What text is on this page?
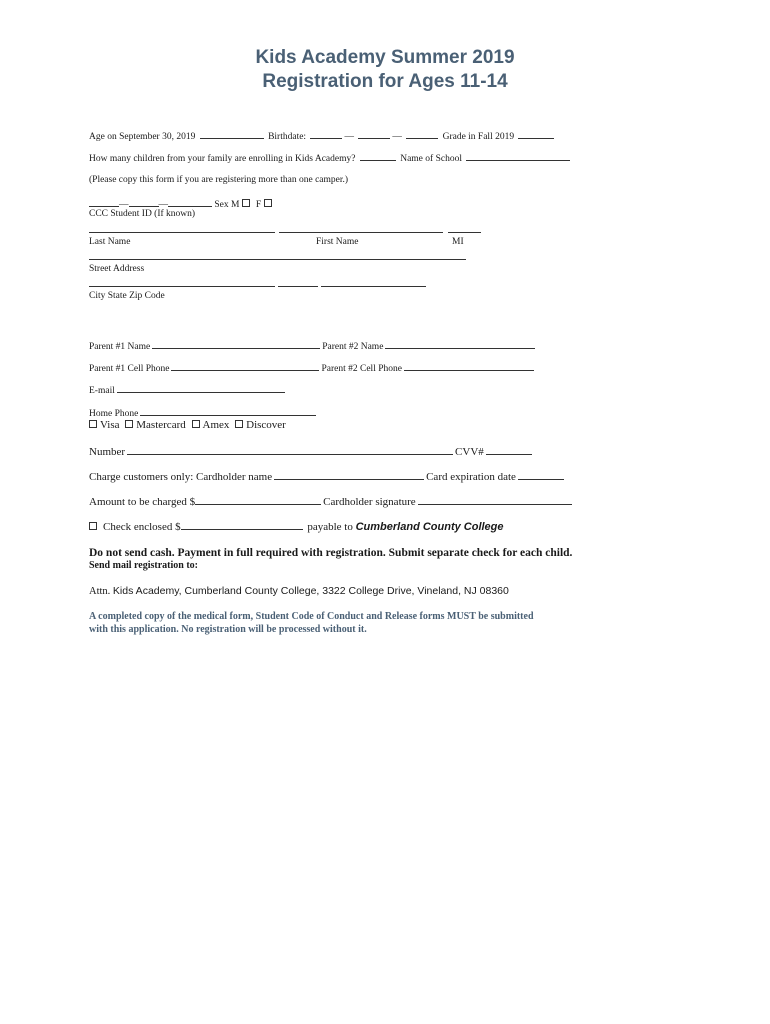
Kids Academy Summer 2019
Registration for Ages 11-14
Age on September 30, 2019	Birthdate:	—	—	Grade in Fall 2019
How many children from your family are enrolling in Kids Academy?	Name of School
(Please copy this form if you are registering more than one camper.)
—	—	Sex M F
CCC Student ID (If known)
Last Name	First Name	MI
Street Address
City State Zip Code
Parent #1 Name	Parent #2 Name
Parent #1 Cell Phone	Parent #2 Cell Phone
E-mail
Home Phone
Visa Mastercard Amex Discover
Number	CVV#
Charge customers only: Cardholder name	Card expiration date
Amount to be charged $	Cardholder signature
Check enclosed $	payable to Cumberland County College
Do not send cash. Payment in full required with registration. Submit separate check for each child.
Send mail registration to:
Attn. Kids Academy, Cumberland County College, 3322 College Drive, Vineland, NJ 08360
A completed copy of the medical form, Student Code of Conduct and Release forms MUST be submitted
with this application. No registration will be processed without it.
